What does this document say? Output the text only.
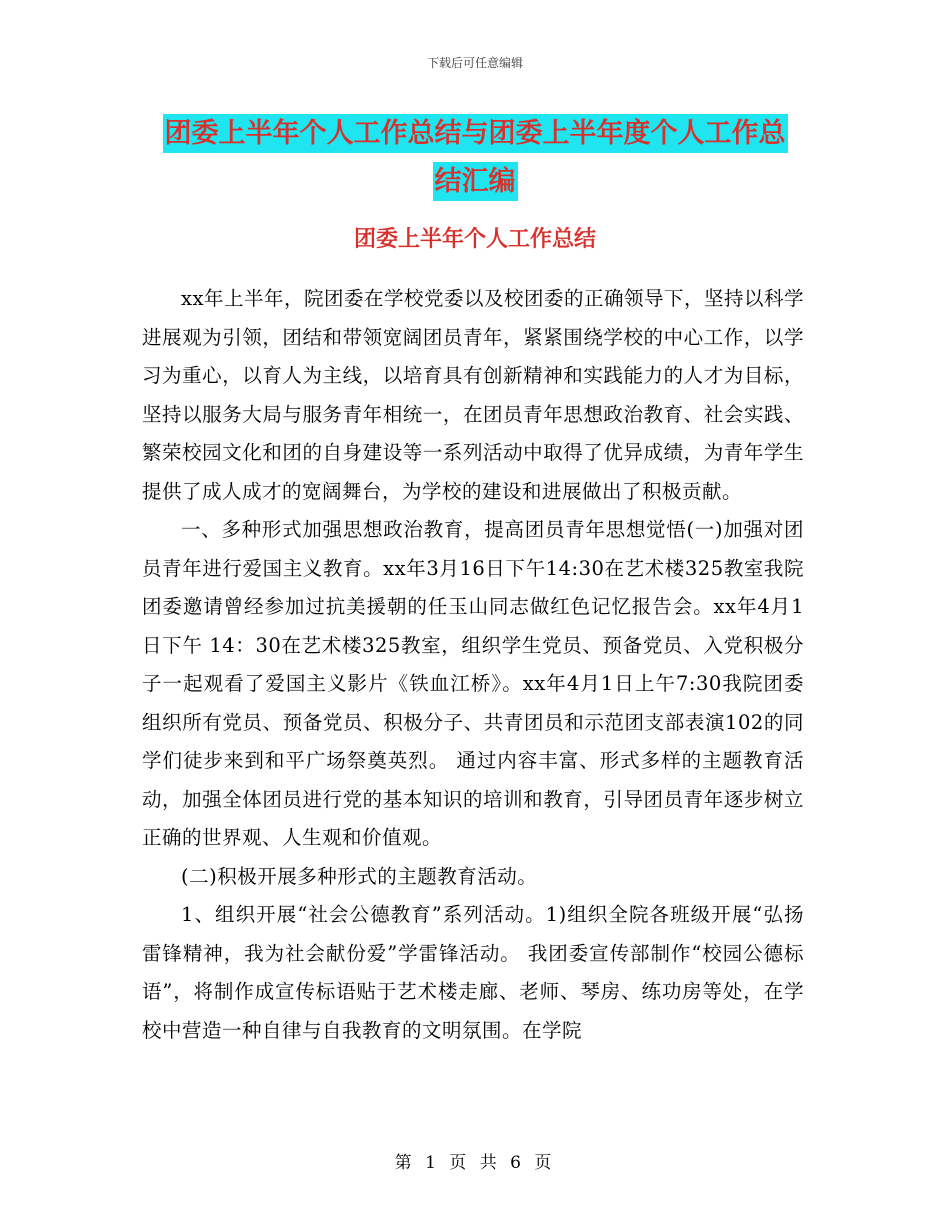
下载后可任意编辑
团委上半年个人工作总结与团委上半年度个人工作总
结汇编
团委上半年个人工作总结

xx年上半年，院团委在学校党委以及校团委的正确领导下，坚持以科学进展观为引领，团结和带领宽阔团员青年，紧紧围绕学校的中心工作，以学习为重心，以育人为主线，以培育具有创新精神和实践能力的人才为目标，坚持以服务大局与服务青年相统一，在团员青年思想政治教育、社会实践、繁荣校园文化和团的自身建设等一系列活动中取得了优异成绩，为青年学生提供了成人成才的宽阔舞台，为学校的建设和进展做出了积极贡献。

一、多种形式加强思想政治教育，提高团员青年思想觉悟(一)加强对团员青年进行爱国主义教育。xx年3月16日下午14:30在艺术楼325教室我院团委邀请曾经参加过抗美援朝的任玉山同志做红色记忆报告会。xx年4月1日下午 14：30在艺术楼325教室，组织学生党员、预备党员、入党积极分子一起观看了爱国主义影片《铁血江桥》。xx年4月1日上午7:30我院团委组织所有党员、预备党员、积极分子、共青团员和示范团支部表演102的同学们徒步来到和平广场祭奠英烈。 通过内容丰富、形式多样的主题教育活动，加强全体团员进行党的基本知识的培训和教育，引导团员青年逐步树立正确的世界观、人生观和价值观。

(二)积极开展多种形式的主题教育活动。

1、组织开展“社会公德教育”系列活动。1)组织全院各班级开展“弘扬雷锋精神，我为社会献份爱”学雷锋活动。 我团委宣传部制作“校园公德标语”，将制作成宣传标语贴于艺术楼走廊、老师、琴房、练功房等处，在学校中营造一种自律与自我教育的文明氛围。在学院

第 1 页 共 6 页
